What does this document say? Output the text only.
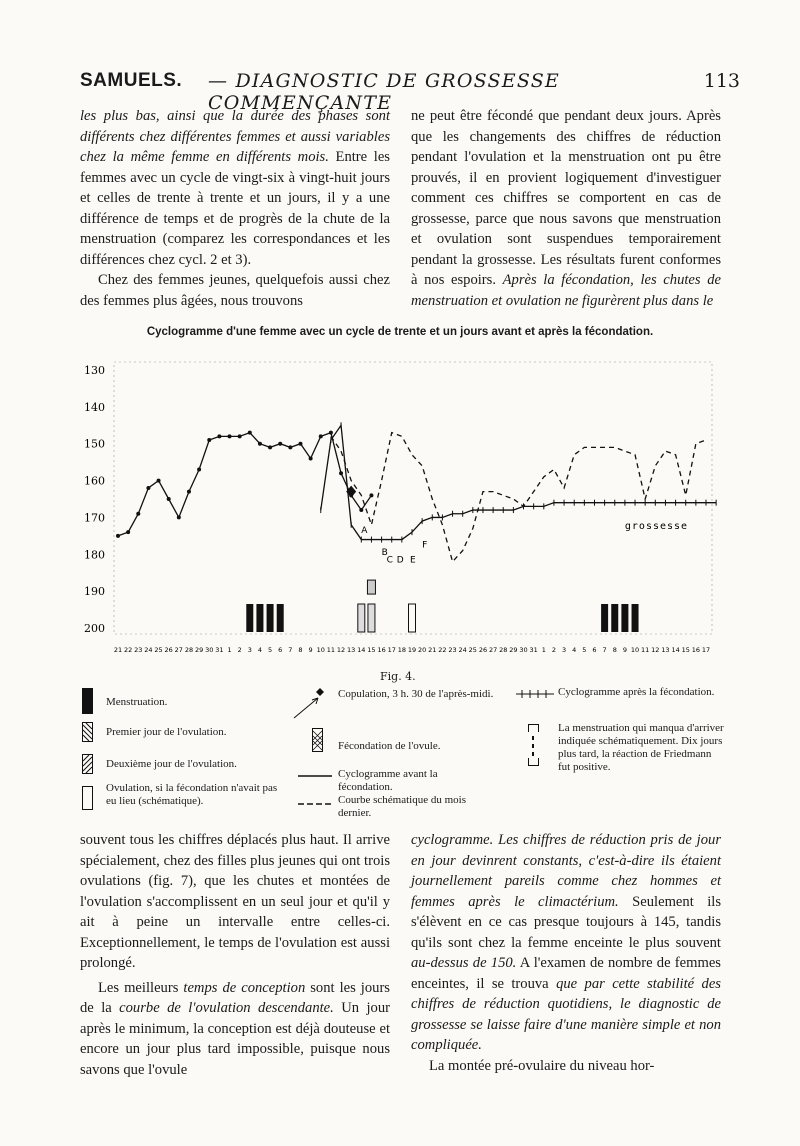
SAMUELS. — DIAGNOSTIC DE GROSSESSE COMMENÇANTE
113

les plus bas, ainsi que la durée des phases sont différents chez différentes femmes et aussi variables chez la même femme en différents mois. Entre les femmes avec un cycle de vingt-six à vingt-huit jours et celles de trente à trente et un jours, il y a une différence de temps et de progrès de la chute de la menstruation (comparez les correspondances et les différences chez cycl. 2 et 3).

Chez des femmes jeunes, quelquefois aussi chez des femmes plus âgées, nous trouvons

ne peut être fécondé que pendant deux jours. Après que les changements des chiffres de réduction pendant l'ovulation et la menstruation ont pu être prouvés, il en provient logiquement d'investiguer comment ces chiffres se comportent en cas de grossesse, parce que nous savons que menstruation et ovulation sont suspendues temporairement pendant la grossesse. Les résultats furent conformes à nos espoirs. Après la fécondation, les chutes de menstruation et ovulation ne figurèrent plus dans le

Cyclogramme d'une femme avec un cycle de trente et un jours avant et après la fécondation.
130
140
150
160
170
180
190
200
A
B
C D E
F
grossesse
21 22 23 24 25 26 27 28 29 30 31 1 2 3 4 5 6 7 8 9 10 11 12 13 14 15 16 17 18 19 20 21 22 23 24 25 26 27 28 29 30 31 1 2 3 4 5 6 7 8 9 10 11 12 13 14 15 16 17
Fig. 4.
Menstruation.
Premier jour de l'ovulation.
Deuxième jour de l'ovulation.
Ovulation, si la fécondation n'avait pas eu lieu (schématique).
Copulation, 3 h. 30 de l'après-midi.
Fécondation de l'ovule.
Cyclogramme avant la fécondation.
Courbe schématique du mois dernier.
Cyclogramme après la fécondation.
La menstruation qui manqua d'arriver indiquée schématiquement. Dix jours plus tard, la réaction de Friedmann fut positive.

souvent tous les chiffres déplacés plus haut. Il arrive spécialement, chez des filles plus jeunes qui ont trois ovulations (fig. 7), que les chutes et montées de l'ovulation s'accomplissent en un seul jour et qu'il y ait à peine un intervalle entre celles-ci. Exceptionnellement, le temps de l'ovulation est aussi prolongé.

Les meilleurs temps de conception sont les jours de la courbe de l'ovulation descendante. Un jour après le minimum, la conception est déjà douteuse et encore un jour plus tard impossible, puisque nous savons que l'ovule

cyclogramme. Les chiffres de réduction pris de jour en jour devinrent constants, c'est-à-dire ils étaient journellement pareils comme chez hommes et femmes après le climactérium. Seulement ils s'élèvent en ce cas presque toujours à 145, tandis qu'ils sont chez la femme enceinte le plus souvent au-dessus de 150. A l'examen de nombre de femmes enceintes, il se trouva que par cette stabilité des chiffres de réduction quotidiens, le diagnostic de grossesse se laisse faire d'une manière simple et non compliquée.

La montée pré-ovulaire du niveau hor-
